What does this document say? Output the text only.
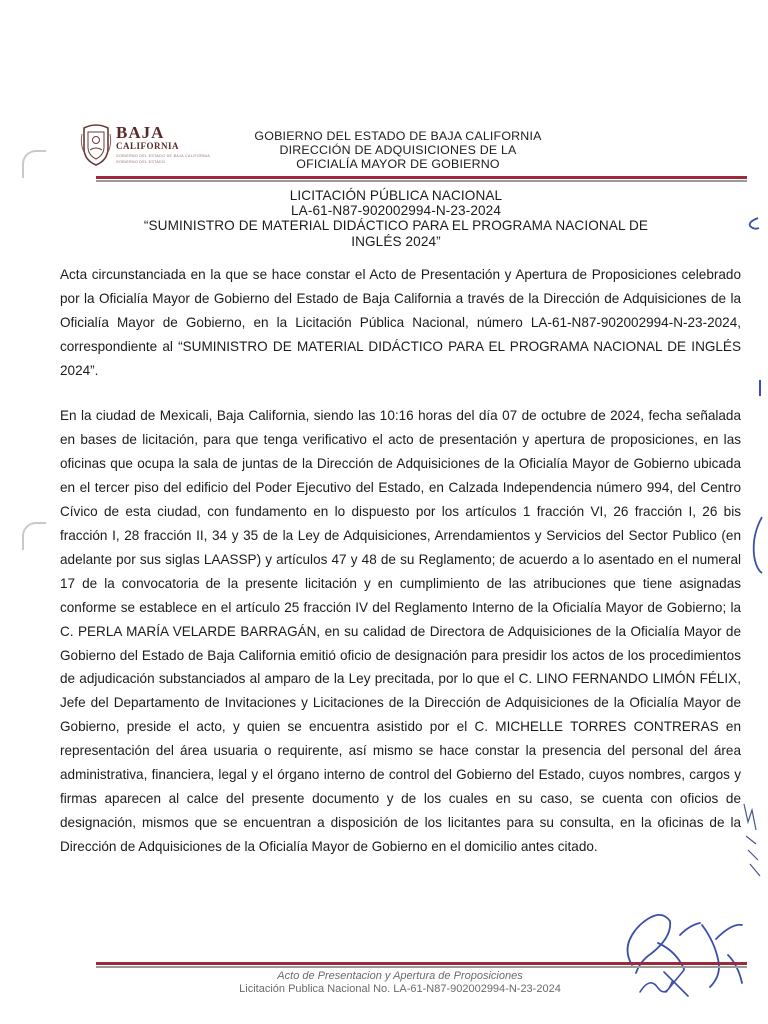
BAJA
CALIFORNIA
GOBIERNO DEL ESTADO DE BAJA CALIFORNIA
GOBIERNO DEL ESTADO
GOBIERNO DEL ESTADO DE BAJA CALIFORNIA
DIRECCIÓN DE ADQUISICIONES DE LA
OFICIALÍA MAYOR DE GOBIERNO
LICITACIÓN PÚBLICA NACIONAL
LA-61-N87-902002994-N-23-2024
“SUMINISTRO DE MATERIAL DIDÁCTICO PARA EL PROGRAMA NACIONAL DE
INGLÉS 2024”
Acta circunstanciada en la que se hace constar el Acto de Presentación y Apertura de Proposiciones celebrado por la Oficialía Mayor de Gobierno del Estado de Baja California a través de la Dirección de Adquisiciones de la Oficialía Mayor de Gobierno, en la Licitación Pública Nacional, número LA-61-N87-902002994-N-23-2024, correspondiente al “SUMINISTRO DE MATERIAL DIDÁCTICO PARA EL PROGRAMA NACIONAL DE INGLÉS 2024”.
En la ciudad de Mexicali, Baja California, siendo las 10:16 horas del día 07 de octubre de 2024, fecha señalada en bases de licitación, para que tenga verificativo el acto de presentación y apertura de proposiciones, en las oficinas que ocupa la sala de juntas de la Dirección de Adquisiciones de la Oficialía Mayor de Gobierno ubicada en el tercer piso del edificio del Poder Ejecutivo del Estado, en Calzada Independencia número 994, del Centro Cívico de esta ciudad, con fundamento en lo dispuesto por los artículos 1 fracción VI, 26 fracción I, 26 bis fracción I, 28 fracción II, 34 y 35 de la Ley de Adquisiciones, Arrendamientos y Servicios del Sector Publico (en adelante por sus siglas LAASSP) y artículos 47 y 48 de su Reglamento; de acuerdo a lo asentado en el numeral 17 de la convocatoria de la presente licitación y en cumplimiento de las atribuciones que tiene asignadas conforme se establece en el artículo 25 fracción IV del Reglamento Interno de la Oficialía Mayor de Gobierno; la C. PERLA MARÍA VELARDE BARRAGÁN, en su calidad de Directora de Adquisiciones de la Oficialía Mayor de Gobierno del Estado de Baja California emitió oficio de designación para presidir los actos de los procedimientos de adjudicación substanciados al amparo de la Ley precitada, por lo que el C. LINO FERNANDO LIMÓN FÉLIX, Jefe del Departamento de Invitaciones y Licitaciones de la Dirección de Adquisiciones de la Oficialía Mayor de Gobierno, preside el acto, y quien se encuentra asistido por el C. MICHELLE TORRES CONTRERAS en representación del área usuaria o requirente, así mismo se hace constar la presencia del personal del área administrativa, financiera, legal y el órgano interno de control del Gobierno del Estado, cuyos nombres, cargos y firmas aparecen al calce del presente documento y de los cuales en su caso, se cuenta con oficios de designación, mismos que se encuentran a disposición de los licitantes para su consulta, en la oficinas de la Dirección de Adquisiciones de la Oficialía Mayor de Gobierno en el domicilio antes citado.
Acto de Presentacion y Apertura de Proposiciones
Licitación Publica Nacional No. LA-61-N87-902002994-N-23-2024
